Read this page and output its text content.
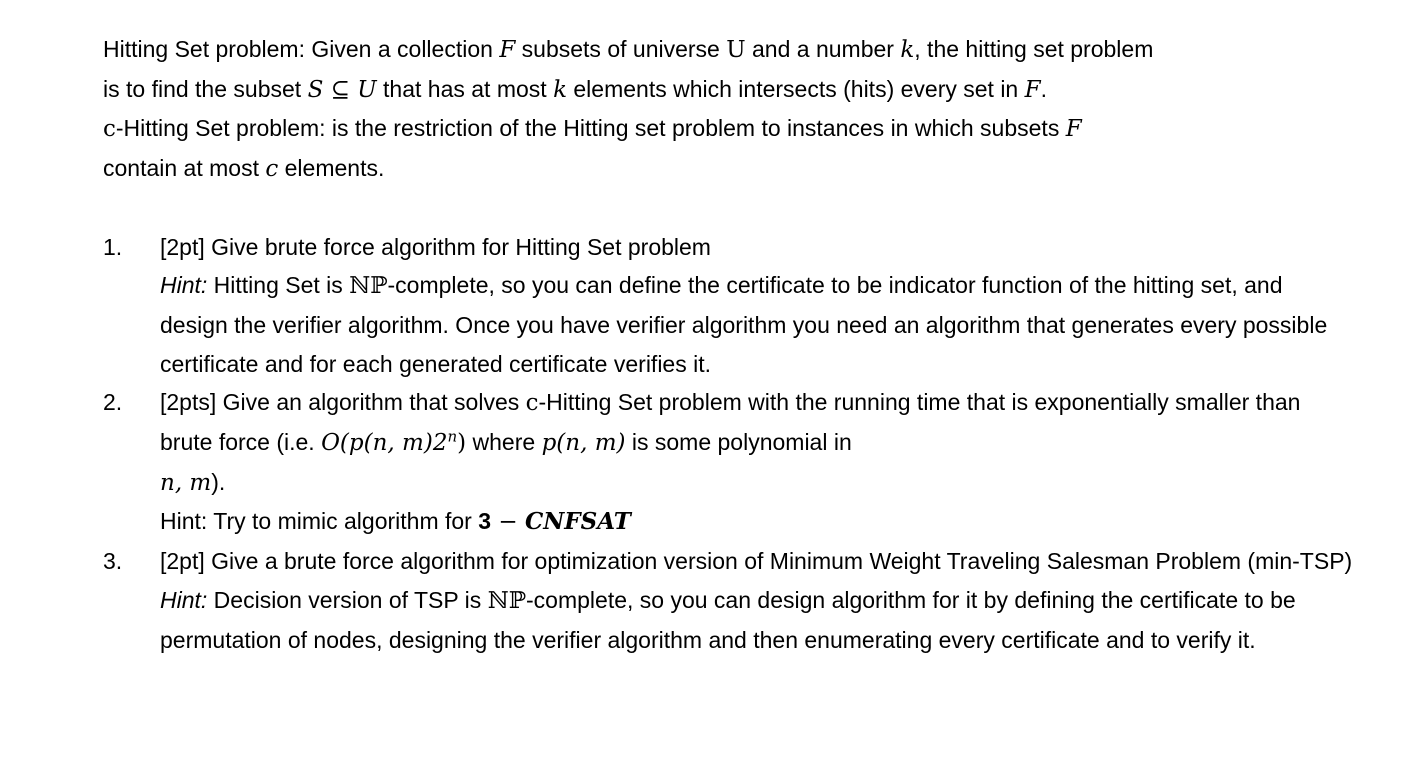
Hitting Set problem: Given a collection F subsets of universe U and a number k, the hitting set problem
is to find the subset S ⊆ U that has at most k elements which intersects (hits) every set in F.
c-Hitting Set problem: is the restriction of the Hitting set problem to instances in which subsets F
contain at most c elements.

1. [2pt] Give brute force algorithm for Hitting Set problem
Hint: Hitting Set is ℕℙ-complete, so you can define the certificate to be indicator function of the hitting set, and design the verifier algorithm. Once you have verifier algorithm you need an algorithm that generates every possible certificate and for each generated certificate verifies it.
2. [2pts] Give an algorithm that solves c-Hitting Set problem with the running time that is exponentially smaller than brute force (i.e. O(p(n, m)2$^n$) where p(n, m) is some polynomial in
n, m).
Hint: Try to mimic algorithm for 3 − CNFSAT
3. [2pt] Give a brute force algorithm for optimization version of Minimum Weight Traveling Salesman Problem (min-TSP)
Hint: Decision version of TSP is ℕℙ-complete, so you can design algorithm for it by defining the certificate to be permutation of nodes, designing the verifier algorithm and then enumerating every certificate and to verify it.
